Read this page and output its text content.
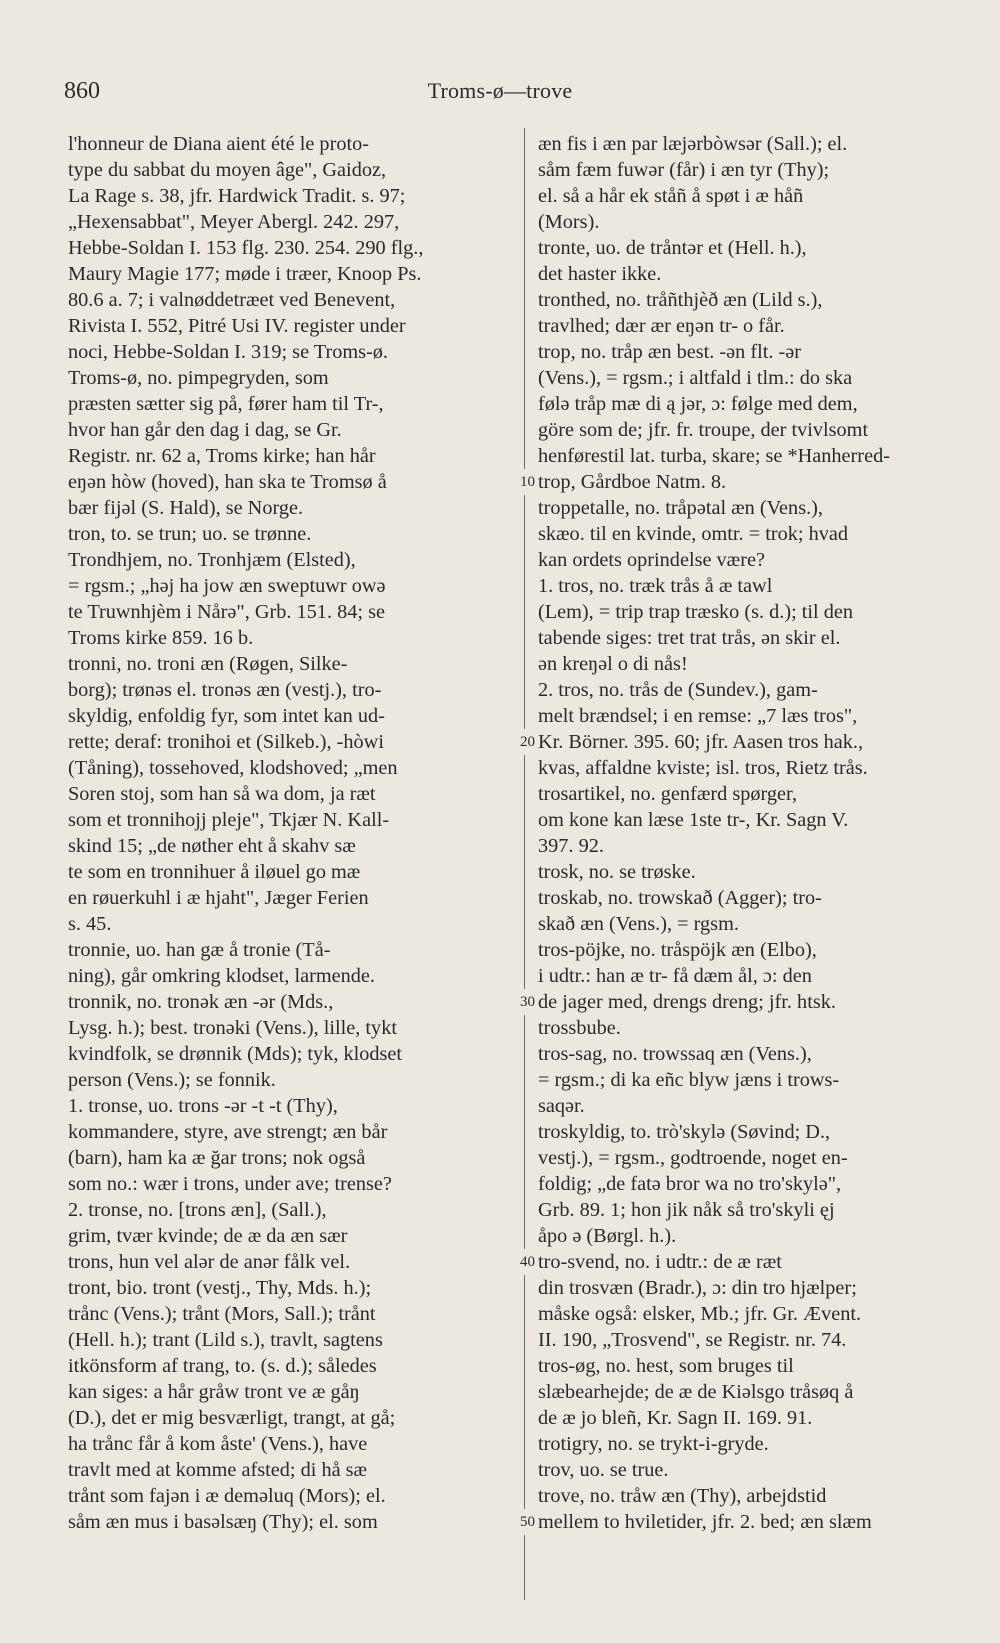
860	Troms-ø—trove
l'honneur de Diana aient été le proto-
type du sabbat du moyen âge", Gaidoz,
La Rage s. 38, jfr. Hardwick Tradit. s. 97;
„Hexensabbat", Meyer Abergl. 242. 297,
Hebbe-Soldan I. 153 flg. 230. 254. 290 flg.,
Maury Magie 177; møde i træer, Knoop Ps.
80.6 a. 7; i valnøddetræet ved Benevent,
Rivista I. 552, Pitré Usi IV. register under
noci, Hebbe-Soldan I. 319; se Troms-ø.
Troms-ø, no. pimpegryden, som
præsten sætter sig på, fører ham til Tr-,
hvor han går den dag i dag, se Gr.
Registr. nr. 62 a, Troms kirke; han hår
eŋən hòw (hoved), han ska te Tromsø å
bær fijəl (S. Hald), se Norge.
tron, to. se trun; uo. se trønne.
Trondhjem, no. Tronhjæm (Elsted),
= rgsm.; „həj ha jow æn sweptuwr owə
te Truwnhjèm i Nårə", Grb. 151. 84; se
Troms kirke 859. 16 b.
tronni, no. troni æn (Røgen, Silke-
borg); trønəs el. tronəs æn (vestj.), tro-
skyldig, enfoldig fyr, som intet kan ud-
rette; deraf: tronihoi et (Silkeb.), -hòwi
(Tåning), tossehoved, klodshoved; „men
Soren stoj, som han så wa dom, ja ræt
som et tronnihojj pleje", Tkjær N. Kall-
skind 15; „de nøther eht å skahv sæ
te som en tronnihuer å iløuel go mæ
en røuerkuhl i æ hjaht", Jæger Ferien
s. 45.
tronnie, uo. han gæ å tronie (Tå-
ning), går omkring klodset, larmende.
tronnik, no. tronək æn -ər (Mds.,
Lysg. h.); best. tronəki (Vens.), lille, tykt
kvindfolk, se drønnik (Mds); tyk, klodset
person (Vens.); se fonnik.
1. tronse, uo. trons -ər -t -t (Thy),
kommandere, styre, ave strengt; æn bår
(barn), ham ka æ ğar trons; nok også
som no.: wær i trons, under ave; trense?
2. tronse, no. [trons æn], (Sall.),
grim, tvær kvinde; de æ da æn sær
trons, hun vel alər de anər fålk vel.
tront, bio. tront (vestj., Thy, Mds. h.);
trånc (Vens.); trånt (Mors, Sall.); trånt
(Hell. h.); trant (Lild s.), travlt, sagtens
itkönsform af trang, to. (s. d.); således
kan siges: a hår gråw tront ve æ gåŋ
(D.), det er mig besværligt, trangt, at gå;
ha trånc får å kom åste' (Vens.), have
travlt med at komme afsted; di hå sæ
trånt som fajən i æ deməluq (Mors); el.
såm æn mus i basəlsæŋ (Thy); el. som
10
20
30
40
50
æn fis i æn par læjərbòwsər (Sall.); el.
såm fæm fuwər (får) i æn tyr (Thy);
el. så a hår ek ståñ å spøt i æ håñ
(Mors).
tronte, uo. de tråntər et (Hell. h.),
det haster ikke.
tronthed, no. tråñthjèð æn (Lild s.),
travlhed; dær ær eŋən tr- o får.
trop, no. tråp æn best. -ən flt. -ər
(Vens.), = rgsm.; i altfald i tlm.: do ska
følə tråp mæ di ą jər, ɔ: følge med dem,
göre som de; jfr. fr. troupe, der tvivlsomt
henførestil lat. turba, skare; se *Hanherred-
trop, Gårdboe Natm. 8.
troppetalle, no. tråpətal æn (Vens.),
skæo. til en kvinde, omtr. = trok; hvad
kan ordets oprindelse være?
1. tros, no. træk trås å æ tawl
(Lem), = trip trap træsko (s. d.); til den
tabende siges: tret trat trås, ən skir el.
ən kreŋəl o di nås!
2. tros, no. trås de (Sundev.), gam-
melt brændsel; i en remse: „7 læs tros",
Kr. Börner. 395. 60; jfr. Aasen tros hak.,
kvas, affaldne kviste; isl. tros, Rietz trås.
trosartikel, no. genfærd spørger,
om kone kan læse 1ste tr-, Kr. Sagn V.
397. 92.
trosk, no. se trøske.
troskab, no. trowskað (Agger); tro-
skað æn (Vens.), = rgsm.
tros-pöjke, no. tråspöjk æn (Elbo),
i udtr.: han æ tr- få dæm ål, ɔ: den
de jager med, drengs dreng; jfr. htsk.
trossbube.
tros-sag, no. trowssaq æn (Vens.),
= rgsm.; di ka eñc blyw jæns i trows-
saqər.
troskyldig, to. trò'skylə (Søvind; D.,
vestj.), = rgsm., godtroende, noget en-
foldig; „de fatə bror wa no tro'skylə",
Grb. 89. 1; hon jik nåk så tro'skyli ęj
åpo ə (Børgl. h.).
tro-svend, no. i udtr.: de æ ræt
din trosvæn (Bradr.), ɔ: din tro hjælper;
måske også: elsker, Mb.; jfr. Gr. Ævent.
II. 190, „Trosvend", se Registr. nr. 74.
tros-øg, no. hest, som bruges til
slæbearhejde; de æ de Kiəlsgo tråsøq å
de æ jo bleñ, Kr. Sagn II. 169. 91.
trotigry, no. se trykt-i-gryde.
trov, uo. se true.
trove, no. tråw æn (Thy), arbejdstid
mellem to hviletider, jfr. 2. bed; æn slæm
